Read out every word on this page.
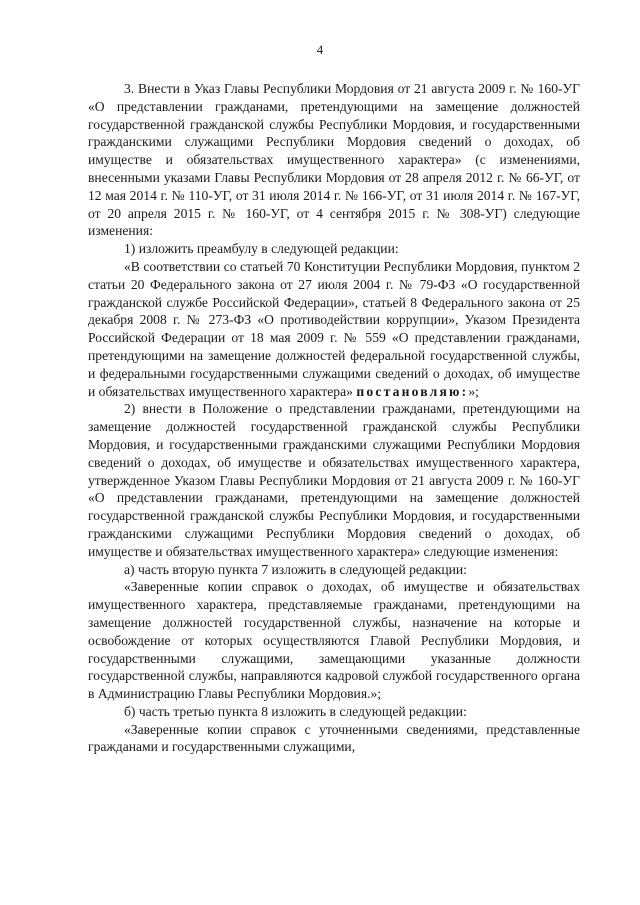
4

3. Внести в Указ Главы Республики Мордовия от 21 августа 2009 г. № 160-УГ «О представлении гражданами, претендующими на замещение должностей государственной гражданской службы Республики Мордовия, и государственными гражданскими служащими Республики Мордовия сведений о доходах, об имуществе и обязательствах имущественного характера» (с изменениями, внесенными указами Главы Республики Мордовия от 28 апреля 2012 г. № 66-УГ, от 12 мая 2014 г. № 110-УГ, от 31 июля 2014 г. № 166-УГ, от 31 июля 2014 г. № 167-УГ, от 20 апреля 2015 г. № 160-УГ, от 4 сентября 2015 г. № 308-УГ) следующие изменения:

1) изложить преамбулу в следующей редакции:

«В соответствии со статьей 70 Конституции Республики Мордовия, пунктом 2 статьи 20 Федерального закона от 27 июля 2004 г. № 79-ФЗ «О государственной гражданской службе Российской Федерации», статьей 8 Федерального закона от 25 декабря 2008 г. № 273-ФЗ «О противодействии коррупции», Указом Президента Российской Федерации от 18 мая 2009 г. № 559 «О представлении гражданами, претендующими на замещение должностей федеральной государственной службы, и федеральными государственными служащими сведений о доходах, об имуществе и обязательствах имущественного характера» постановляю:»;

2) внести в Положение о представлении гражданами, претендующими на замещение должностей государственной гражданской службы Республики Мордовия, и государственными гражданскими служащими Республики Мордовия сведений о доходах, об имуществе и обязательствах имущественного характера, утвержденное Указом Главы Республики Мордовия от 21 августа 2009 г. № 160-УГ «О представлении гражданами, претендующими на замещение должностей государственной гражданской службы Республики Мордовия, и государственными гражданскими служащими Республики Мордовия сведений о доходах, об имуществе и обязательствах имущественного характера» следующие изменения:

а) часть вторую пункта 7 изложить в следующей редакции:

«Заверенные копии справок о доходах, об имуществе и обязательствах имущественного характера, представляемые гражданами, претендующими на замещение должностей государственной службы, назначение на которые и освобождение от которых осуществляются Главой Республики Мордовия, и государственными служащими, замещающими указанные должности государственной службы, направляются кадровой службой государственного органа в Администрацию Главы Республики Мордовия.»;

б) часть третью пункта 8 изложить в следующей редакции:

«Заверенные копии справок с уточненными сведениями, представленные гражданами и государственными служащими,
